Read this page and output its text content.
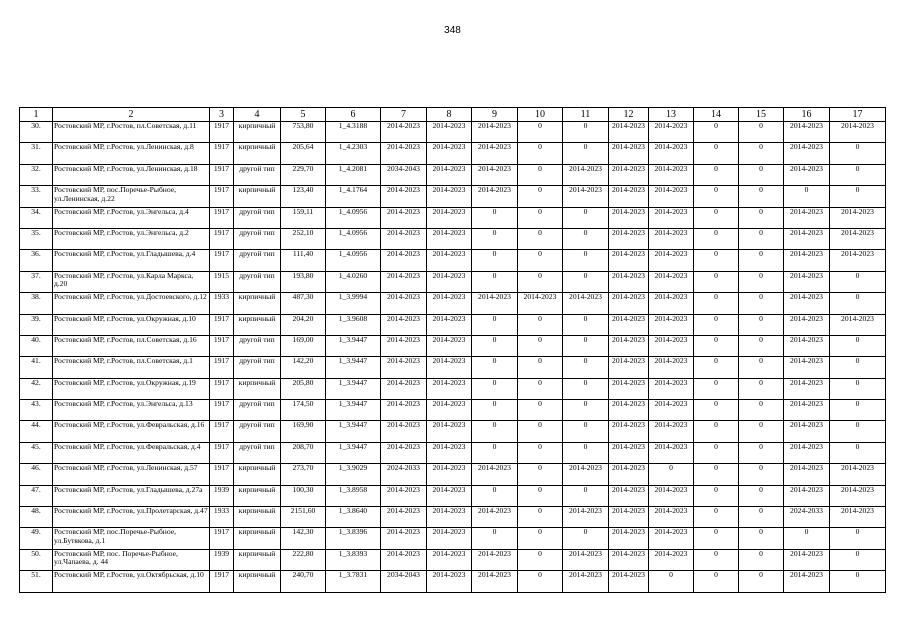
348
1	2	3	4	5	6	7	8	9	10	11	12	13	14	15	16	17
30.	Ростовский МР, г.Ростов, пл.Советская, д.11	1917	кирпичный	753,80	1_4.3188	2014-2023	2014-2023	2014-2023	0	0	2014-2023	2014-2023	0	0	2014-2023	2014-2023
31.	Ростовский МР, г.Ростов, ул.Ленинская, д.8	1917	кирпичный	205,64	1_4.2303	2014-2023	2014-2023	2014-2023	0	0	2014-2023	2014-2023	0	0	2014-2023	0
32.	Ростовский МР, г.Ростов, ул.Ленинская, д.18	1917	другой тип	229,70	1_4.2081	2034-2043	2014-2023	2014-2023	0	2014-2023	2014-2023	2014-2023	0	0	2014-2023	0
33.	Ростовский МР, пос.Поречье-Рыбное, ул.Ленинская, д.22	1917	кирпичный	123,40	1_4.1764	2014-2023	2014-2023	2014-2023	0	2014-2023	2014-2023	2014-2023	0	0	0	0
34.	Ростовский МР, г.Ростов, ул.Энгельса, д.4	1917	другой тип	159,11	1_4.0956	2014-2023	2014-2023	0	0	0	2014-2023	2014-2023	0	0	2014-2023	2014-2023
35.	Ростовский МР, г.Ростов, ул.Энгельса, д.2	1917	другой тип	252,10	1_4.0956	2014-2023	2014-2023	0	0	0	2014-2023	2014-2023	0	0	2014-2023	2014-2023
36.	Ростовский МР, г.Ростов, ул.Гладышева, д.4	1917	другой тип	111,40	1_4.0956	2014-2023	2014-2023	0	0	0	2014-2023	2014-2023	0	0	2014-2023	2014-2023
37.	Ростовский МР, г.Ростов, ул.Карла Маркса, д.20	1915	другой тип	193,80	1_4.0260	2014-2023	2014-2023	0	0	0	2014-2023	2014-2023	0	0	2014-2023	0
38.	Ростовский МР, г.Ростов, ул.Достоевского, д.12	1933	кирпичный	487,30	1_3.9994	2014-2023	2014-2023	2014-2023	2014-2023	2014-2023	2014-2023	2014-2023	0	0	2014-2023	0
39.	Ростовский МР, г.Ростов, ул.Окружная, д.10	1917	кирпичный	204,20	1_3.9608	2014-2023	2014-2023	0	0	0	2014-2023	2014-2023	0	0	2014-2023	2014-2023
40.	Ростовский МР, г.Ростов, пл.Советская, д.16	1917	другой тип	169,00	1_3.9447	2014-2023	2014-2023	0	0	0	2014-2023	2014-2023	0	0	2014-2023	0
41.	Ростовский МР, г.Ростов, пл.Советская, д.1	1917	другой тип	142,20	1_3.9447	2014-2023	2014-2023	0	0	0	2014-2023	2014-2023	0	0	2014-2023	0
42.	Ростовский МР, г.Ростов, ул.Окружная, д.19	1917	кирпичный	205,80	1_3.9447	2014-2023	2014-2023	0	0	0	2014-2023	2014-2023	0	0	2014-2023	0
43.	Ростовский МР, г.Ростов, ул.Энгельса, д.13	1917	другой тип	174,50	1_3.9447	2014-2023	2014-2023	0	0	0	2014-2023	2014-2023	0	0	2014-2023	0
44.	Ростовский МР, г.Ростов, ул.Февральская, д.16	1917	другой тип	169,90	1_3.9447	2014-2023	2014-2023	0	0	0	2014-2023	2014-2023	0	0	2014-2023	0
45.	Ростовский МР, г.Ростов, ул.Февральская, д.4	1917	другой тип	208,70	1_3.9447	2014-2023	2014-2023	0	0	0	2014-2023	2014-2023	0	0	2014-2023	0
46.	Ростовский МР, г.Ростов, ул.Ленинская, д.57	1917	кирпичный	273,70	1_3.9029	2024-2033	2014-2023	2014-2023	0	2014-2023	2014-2023	0	0	0	2014-2023	2014-2023
47.	Ростовский МР, г.Ростов, ул.Гладышева, д.27а	1939	кирпичный	100,30	1_3.8958	2014-2023	2014-2023	0	0	0	2014-2023	2014-2023	0	0	2014-2023	2014-2023
48.	Ростовский МР, г.Ростов, ул.Пролетарская, д.47	1933	кирпичный	2151,60	1_3.8640	2014-2023	2014-2023	2014-2023	0	2014-2023	2014-2023	2014-2023	0	0	2024-2033	2014-2023
49.	Ростовский МР, пос.Поречье-Рыбное, ул.Бутякова, д.1	1917	кирпичный	142,30	1_3.8396	2014-2023	2014-2023	0	0	0	2014-2023	2014-2023	0	0	0	0
50.	Ростовский МР, пос. Поречье-Рыбное, ул.Чапаева, д. 44	1939	кирпичный	222,80	1_3.8393	2014-2023	2014-2023	2014-2023	0	2014-2023	2014-2023	2014-2023	0	0	2014-2023	0
51.	Ростовский МР, г.Ростов, ул.Октябрьская, д.10	1917	кирпичный	240,70	1_3.7831	2034-2043	2014-2023	2014-2023	0	2014-2023	2014-2023	0	0	0	2014-2023	0
